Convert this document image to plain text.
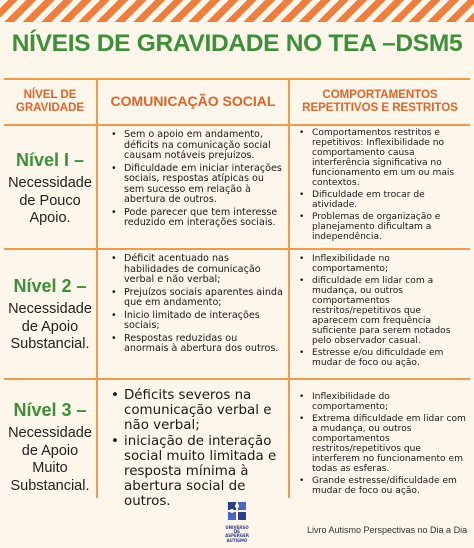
NÍVEIS DE GRAVIDADE NO TEA –DSM5
NÍVEL DE GRAVIDADE	COMUNICAÇÃO SOCIAL	COMPORTAMENTOS REPETITIVOS E RESTRITOS
Nível I –
Necessidade de Pouco Apoio.
• Sem o apoio em andamento, déficits na comunicação social causam notáveis prejuízos.
• Dificuldade em iniciar interações sociais, respostas atípicas ou sem sucesso em relação à abertura de outros.
• Pode parecer que tem interesse reduzido em interações sociais.
• Comportamentos restritos e repetitivos: Inflexibilidade no comportamento causa interferência significativa no funcionamento em um ou mais contextos.
• Dificuldade em trocar de atividade.
• Problemas de organização e planejamento dificultam a independência.
Nível 2 –
Necessidade de Apoio Substancial.
• Déficit acentuado nas habilidades de comunicação verbal e não verbal;
• Prejuízos sociais aparentes ainda que em andamento;
• Inicio limitado de interações sociais;
• Respostas reduzidas ou anormais à abertura dos outros.
• Inflexibilidade no comportamento;
• dificuldade em lidar com a mudança, ou outros comportamentos restritos/repetitivos que aparecem com frequência suficiente para serem notados pelo observador casual.
• Estresse e/ou dificuldade em mudar de foco ou ação.
Nível 3 –
Necessidade de Apoio Muito Substancial.
• Déficits severos na comunicação verbal e não verbal;
• iniciação de interação social muito limitada e resposta mínima à abertura social de outros.
• Inflexibilidade do comportamento;
• Extrema dificuldade em lidar com a mudança, ou outros comportamentos restritos/repetitivos que interferem no funcionamento em todas as esferas.
• Grande estresse/dificuldade em mudar de foco ou ação.
UNIVERSO DE ASPERGER AUTISMO
Livro Autismo Perspectivas no Dia a Dia
